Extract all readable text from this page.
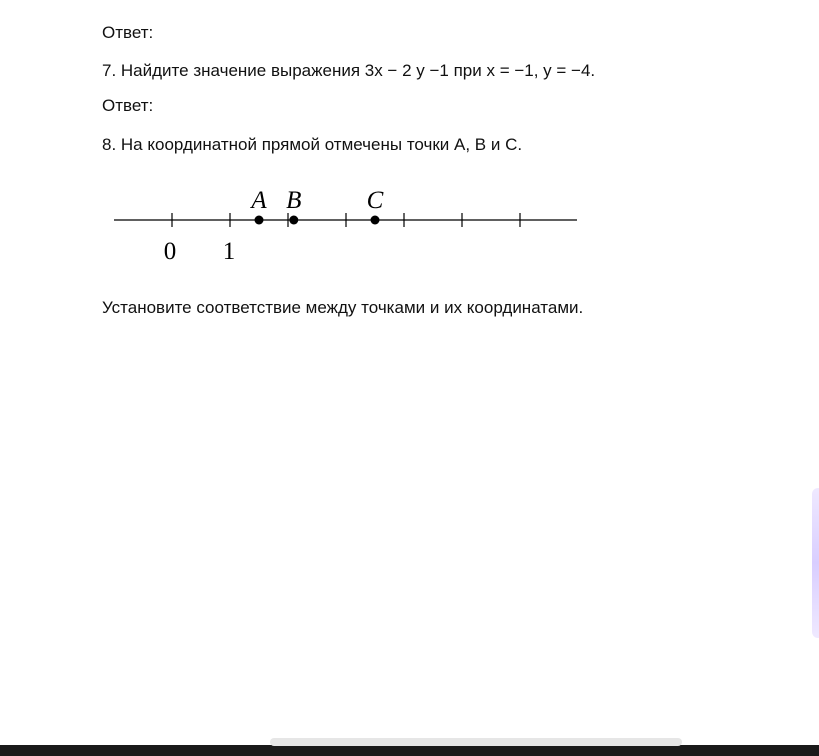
Ответ:

7. Найдите значение выражения 3x − 2 y −1 при x = −1, y = −4.

Ответ:

8. На координатной прямой отмечены точки A, B и C.

A B	C
0 1

Установите соответствие между точками и их координатами.
